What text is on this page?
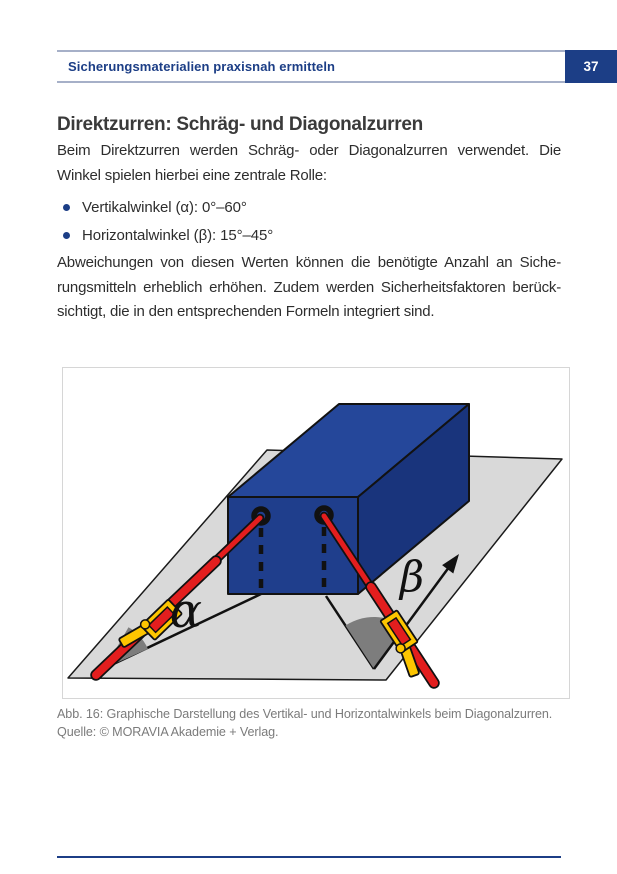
Sicherungsmaterialien praxisnah ermitteln	37
Direktzurren: Schräg- und Diagonalzurren
Beim Direktzurren werden Schräg- oder Diagonalzurren verwendet. Die
Winkel spielen hierbei eine zentrale Rolle:
Vertikalwinkel (α): 0°–60°
Horizontalwinkel (β): 15°–45°
Abweichungen von diesen Werten können die benötigte Anzahl an Siche-
rungsmitteln erheblich erhöhen. Zudem werden Sicherheitsfaktoren berück-
sichtigt, die in den entsprechenden Formeln integriert sind.
α
β
Abb. 16: Graphische Darstellung des Vertikal- und Horizontalwinkels beim Diagonalzurren.
Quelle: © MORAVIA Akademie + Verlag.
